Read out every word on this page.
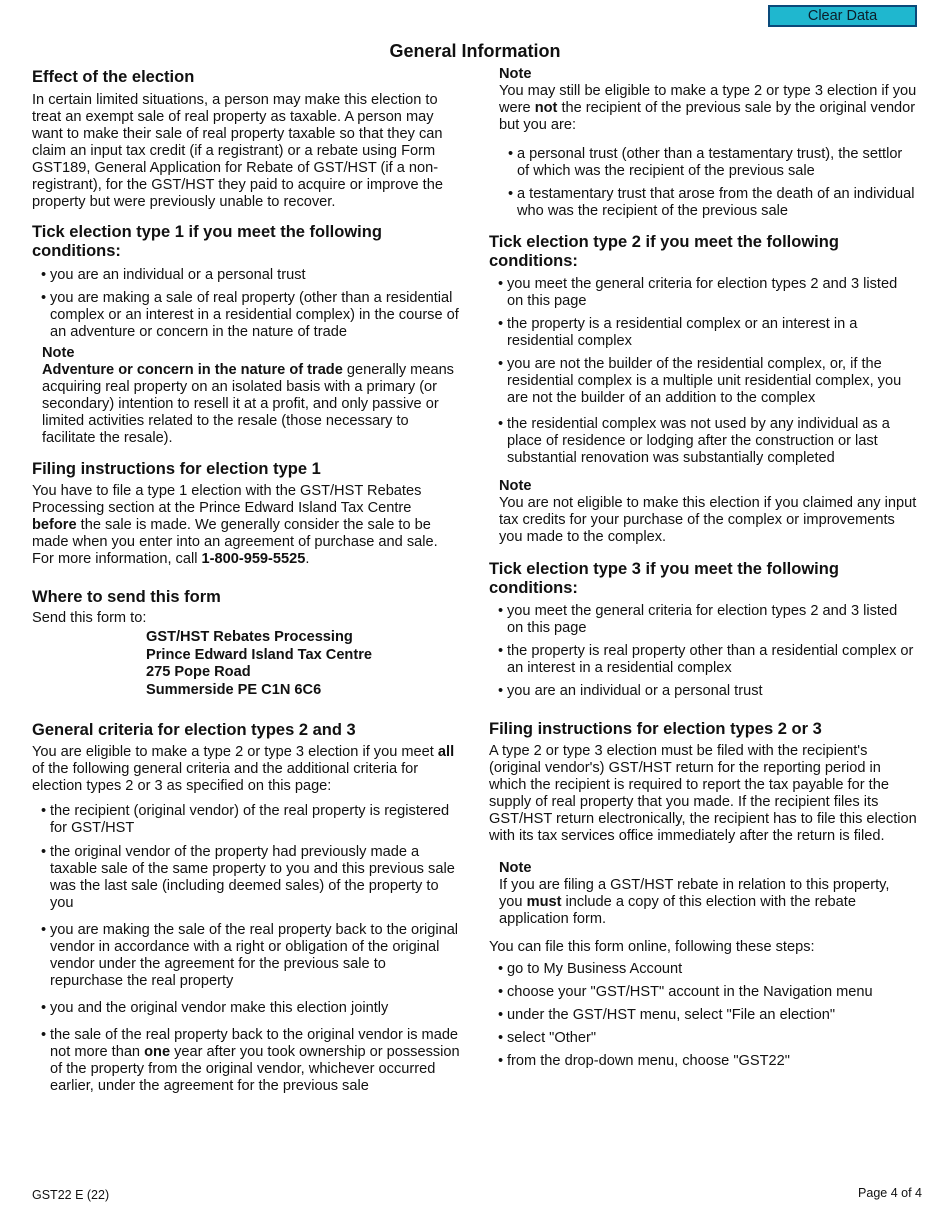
Clear Data
General Information
Effect of the election

In certain limited situations, a person may make this election to treat an exempt sale of real property as taxable. A person may want to make their sale of real property taxable so that they can claim an input tax credit (if a registrant) or a rebate using Form GST189, General Application for Rebate of GST/HST (if a non-registrant), for the GST/HST they paid to acquire or improve the property but were previously unable to recover.

Tick election type 1 if you meet the following conditions:
• you are an individual or a personal trust
• you are making a sale of real property (other than a residential complex or an interest in a residential complex) in the course of an adventure or concern in the nature of trade
Note

Adventure or concern in the nature of trade generally means acquiring real property on an isolated basis with a primary (or secondary) intention to resell it at a profit, and only passive or limited activities related to the resale (those necessary to facilitate the resale).

Filing instructions for election type 1

You have to file a type 1 election with the GST/HST Rebates Processing section at the Prince Edward Island Tax Centre before the sale is made. We generally consider the sale to be made when you enter into an agreement of purchase and sale. For more information, call 1-800-959-5525.

Where to send this form

Send this form to:

GST/HST Rebates Processing
Prince Edward Island Tax Centre
275 Pope Road
Summerside PE C1N 6C6
General criteria for election types 2 and 3

You are eligible to make a type 2 or type 3 election if you meet all of the following general criteria and the additional criteria for election types 2 or 3 as specified on this page:

• the recipient (original vendor) of the real property is registered for GST/HST
• the original vendor of the property had previously made a taxable sale of the same property to you and this previous sale was the last sale (including deemed sales) of the property to you
• you are making the sale of the real property back to the original vendor in accordance with a right or obligation of the original vendor under the agreement for the previous sale to repurchase the real property
• you and the original vendor make this election jointly
• the sale of the real property back to the original vendor is made not more than one year after you took ownership or possession of the property from the original vendor, whichever occurred earlier, under the agreement for the previous sale
Note

You may still be eligible to make a type 2 or type 3 election if you were not the recipient of the previous sale by the original vendor but you are:

• a personal trust (other than a testamentary trust), the settlor of which was the recipient of the previous sale
• a testamentary trust that arose from the death of an individual who was the recipient of the previous sale
Tick election type 2 if you meet the following conditions:
• you meet the general criteria for election types 2 and 3 listed on this page
• the property is a residential complex or an interest in a residential complex
• you are not the builder of the residential complex, or, if the residential complex is a multiple unit residential complex, you are not the builder of an addition to the complex
• the residential complex was not used by any individual as a place of residence or lodging after the construction or last substantial renovation was substantially completed
Note

You are not eligible to make this election if you claimed any input tax credits for your purchase of the complex or improvements you made to the complex.

Tick election type 3 if you meet the following conditions:
• you meet the general criteria for election types 2 and 3 listed on this page
• the property is real property other than a residential complex or an interest in a residential complex
• you are an individual or a personal trust
Filing instructions for election types 2 or 3

A type 2 or type 3 election must be filed with the recipient's (original vendor's) GST/HST return for the reporting period in which the recipient is required to report the tax payable for the supply of real property that you made. If the recipient files its GST/HST return electronically, the recipient has to file this election with its tax services office immediately after the return is filed.

Note

If you are filing a GST/HST rebate in relation to this property, you must include a copy of this election with the rebate application form.

You can file this form online, following these steps:

• go to My Business Account
• choose your "GST/HST" account in the Navigation menu
• under the GST/HST menu, select "File an election"
• select "Other"
• from the drop-down menu, choose "GST22"
GST22 E (22)	Page 4 of 4
